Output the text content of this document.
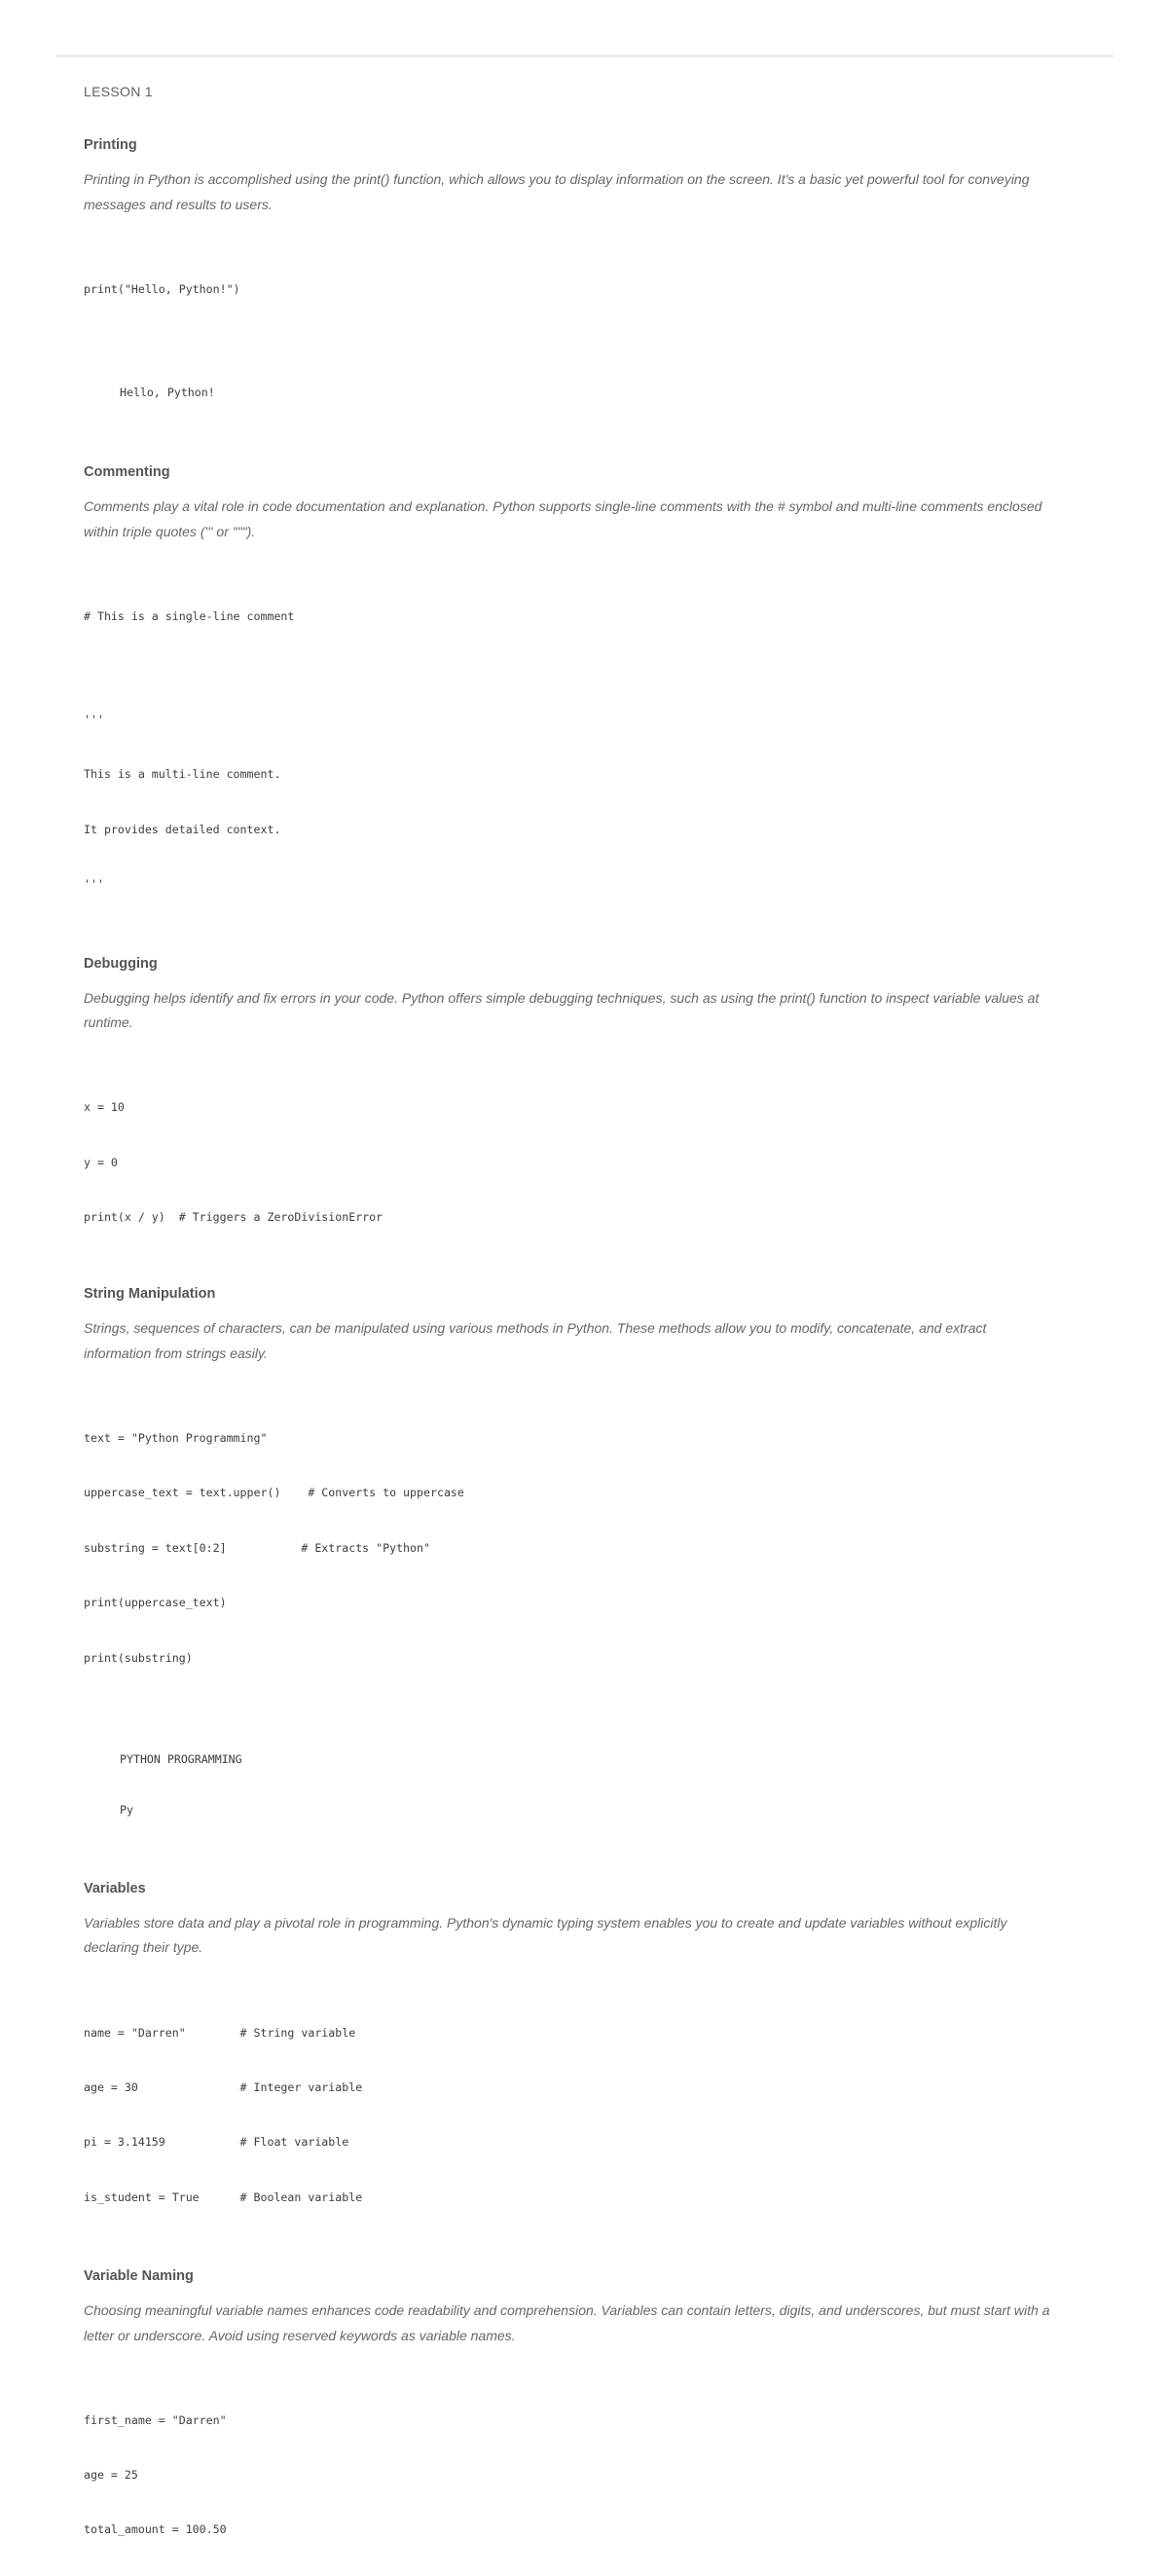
LESSON 1
Printing
Printing in Python is accomplished using the print() function, which allows you to display information on the screen. It's a basic yet powerful tool for conveying messages and results to users.

print("Hello, Python!")

Hello, Python!

Commenting
Comments play a vital role in code documentation and explanation. Python supports single-line comments with the # symbol and multi-line comments enclosed within triple quotes (''' or """).

# This is a single-line comment

'''

This is a multi-line comment.

It provides detailed context.

'''

Debugging
Debugging helps identify and fix errors in your code. Python offers simple debugging techniques, such as using the print() function to inspect variable values at runtime.

x = 10

y = 0

print(x / y)  # Triggers a ZeroDivisionError

String Manipulation
Strings, sequences of characters, can be manipulated using various methods in Python. These methods allow you to modify, concatenate, and extract information from strings easily.

text = "Python Programming"

uppercase_text = text.upper()    # Converts to uppercase

substring = text[0:2]           # Extracts "Python"

print(uppercase_text)

print(substring)

PYTHON PROGRAMMING

Py

Variables
Variables store data and play a pivotal role in programming. Python's dynamic typing system enables you to create and update variables without explicitly declaring their type.

name = "Darren"        # String variable

age = 30               # Integer variable

pi = 3.14159           # Float variable

is_student = True      # Boolean variable

Variable Naming
Choosing meaningful variable names enhances code readability and comprehension. Variables can contain letters, digits, and underscores, but must start with a letter or underscore. Avoid using reserved keywords as variable names.

first_name = "Darren"

age = 25

total_amount = 100.50
